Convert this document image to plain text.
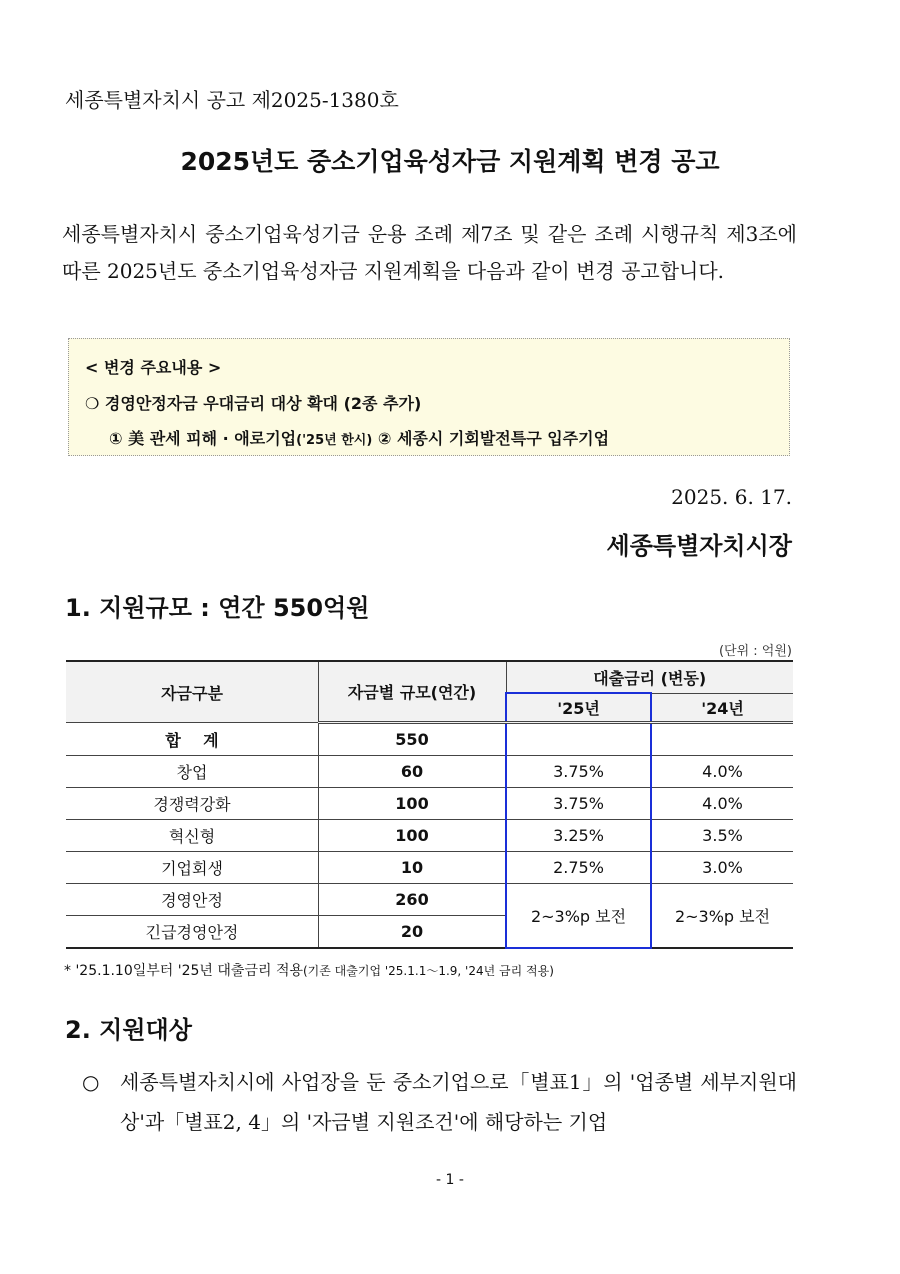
세종특별자치시 공고 제2025-1380호
2025년도 중소기업육성자금 지원계획 변경 공고
세종특별자치시 중소기업육성기금 운용 조례 제7조 및 같은 조례 시행규칙 제3조에 따른 2025년도 중소기업육성자금 지원계획을 다음과 같이 변경 공고합니다.
< 변경 주요내용 >
❍ 경영안정자금 우대금리 대상 확대 (2종 추가)
① 美 관세 피해 · 애로기업('25년 한시) ② 세종시 기회발전특구 입주기업
2025. 6. 17.
세종특별자치시장
1. 지원규모 : 연간 550억원
(단위 : 억원)
자금구분	자금별 규모(연간)	대출금리 (변동)	
		'25년	'24년
합    계	550		
창업	60	3.75%	4.0%
경쟁력강화	100	3.75%	4.0%
혁신형	100	3.25%	3.5%
기업회생	10	2.75%	3.0%
경영안정	260	2~3%p 보전	2~3%p 보전
긴급경영안정	20		
* '25.1.10일부터 '25년 대출금리 적용(기존 대출기업 '25.1.1～1.9, '24년 금리 적용)
2. 지원대상
○ 세종특별자치시에 사업장을 둔 중소기업으로「별표1」의 '업종별 세부지원대상'과「별표2, 4」의 '자금별 지원조건'에 해당하는 기업
- 1 -
